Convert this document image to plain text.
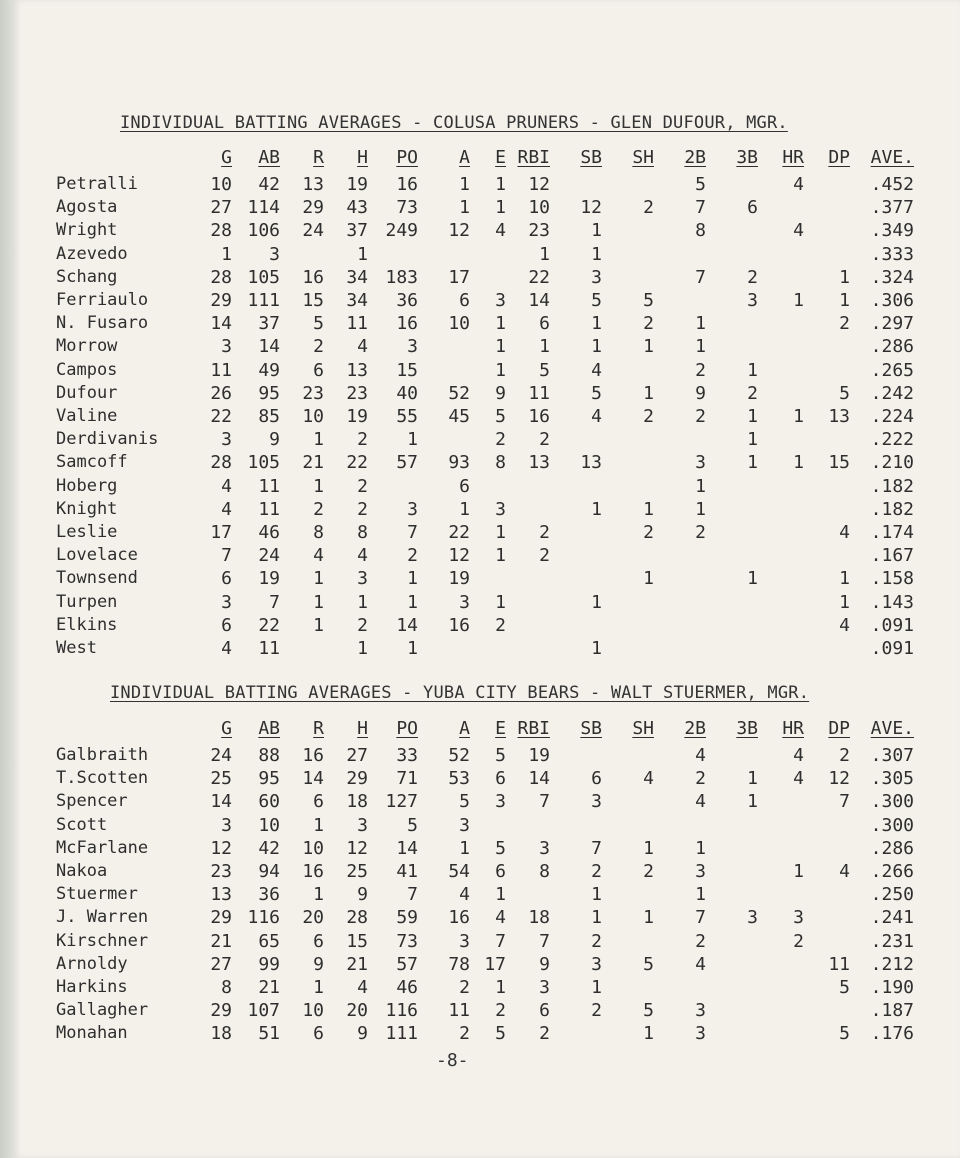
INDIVIDUAL BATTING AVERAGES - COLUSA PRUNERS - GLEN DUFOUR, MGR.
	G	AB	R	H	PO	A	E	RBI	SB	SH	2B	3B	HR	DP	AVE.
Petralli	10	42	13	19	16	1	1	12			5		4		.452
Agosta	27	114	29	43	73	1	1	10	12	2	7	6			.377
Wright	28	106	24	37	249	12	4	23	1		8		4		.349
Azevedo	1	3		1				1	1						.333
Schang	28	105	16	34	183	17		22	3		7	2		1	.324
Ferriaulo	29	111	15	34	36	6	3	14	5	5		3	1	1	.306
N. Fusaro	14	37	5	11	16	10	1	6	1	2	1			2	.297
Morrow	3	14	2	4	3		1	1	1	1	1				.286
Campos	11	49	6	13	15		1	5	4		2	1			.265
Dufour	26	95	23	23	40	52	9	11	5	1	9	2		5	.242
Valine	22	85	10	19	55	45	5	16	4	2	2	1	1	13	.224
Derdivanis	3	9	1	2	1		2	2				1			.222
Samcoff	28	105	21	22	57	93	8	13	13		3	1	1	15	.210
Hoberg	4	11	1	2		6					1				.182
Knight	4	11	2	2	3	1	3		1	1	1				.182
Leslie	17	46	8	8	7	22	1	2		2	2			4	.174
Lovelace	7	24	4	4	2	12	1	2							.167
Townsend	6	19	1	3	1	19				1		1		1	.158
Turpen	3	7	1	1	1	3	1		1					1	.143
Elkins	6	22	1	2	14	16	2							4	.091
West	4	11		1	1				1						.091
INDIVIDUAL BATTING AVERAGES - YUBA CITY BEARS - WALT STUERMER, MGR.
	G	AB	R	H	PO	A	E	RBI	SB	SH	2B	3B	HR	DP	AVE.
Galbraith	24	88	16	27	33	52	5	19			4		4	2	.307
T.Scotten	25	95	14	29	71	53	6	14	6	4	2	1	4	12	.305
Spencer	14	60	6	18	127	5	3	7	3		4	1		7	.300
Scott	3	10	1	3	5	3									.300
McFarlane	12	42	10	12	14	1	5	3	7	1	1				.286
Nakoa	23	94	16	25	41	54	6	8	2	2	3		1	4	.266
Stuermer	13	36	1	9	7	4	1		1		1				.250
J. Warren	29	116	20	28	59	16	4	18	1	1	7	3	3		.241
Kirschner	21	65	6	15	73	3	7	7	2		2		2		.231
Arnoldy	27	99	9	21	57	78	17	9	3	5	4			11	.212
Harkins	8	21	1	4	46	2	1	3	1					5	.190
Gallagher	29	107	10	20	116	11	2	6	2	5	3				.187
Monahan	18	51	6	9	111	2	5	2		1	3			5	.176
-8-
